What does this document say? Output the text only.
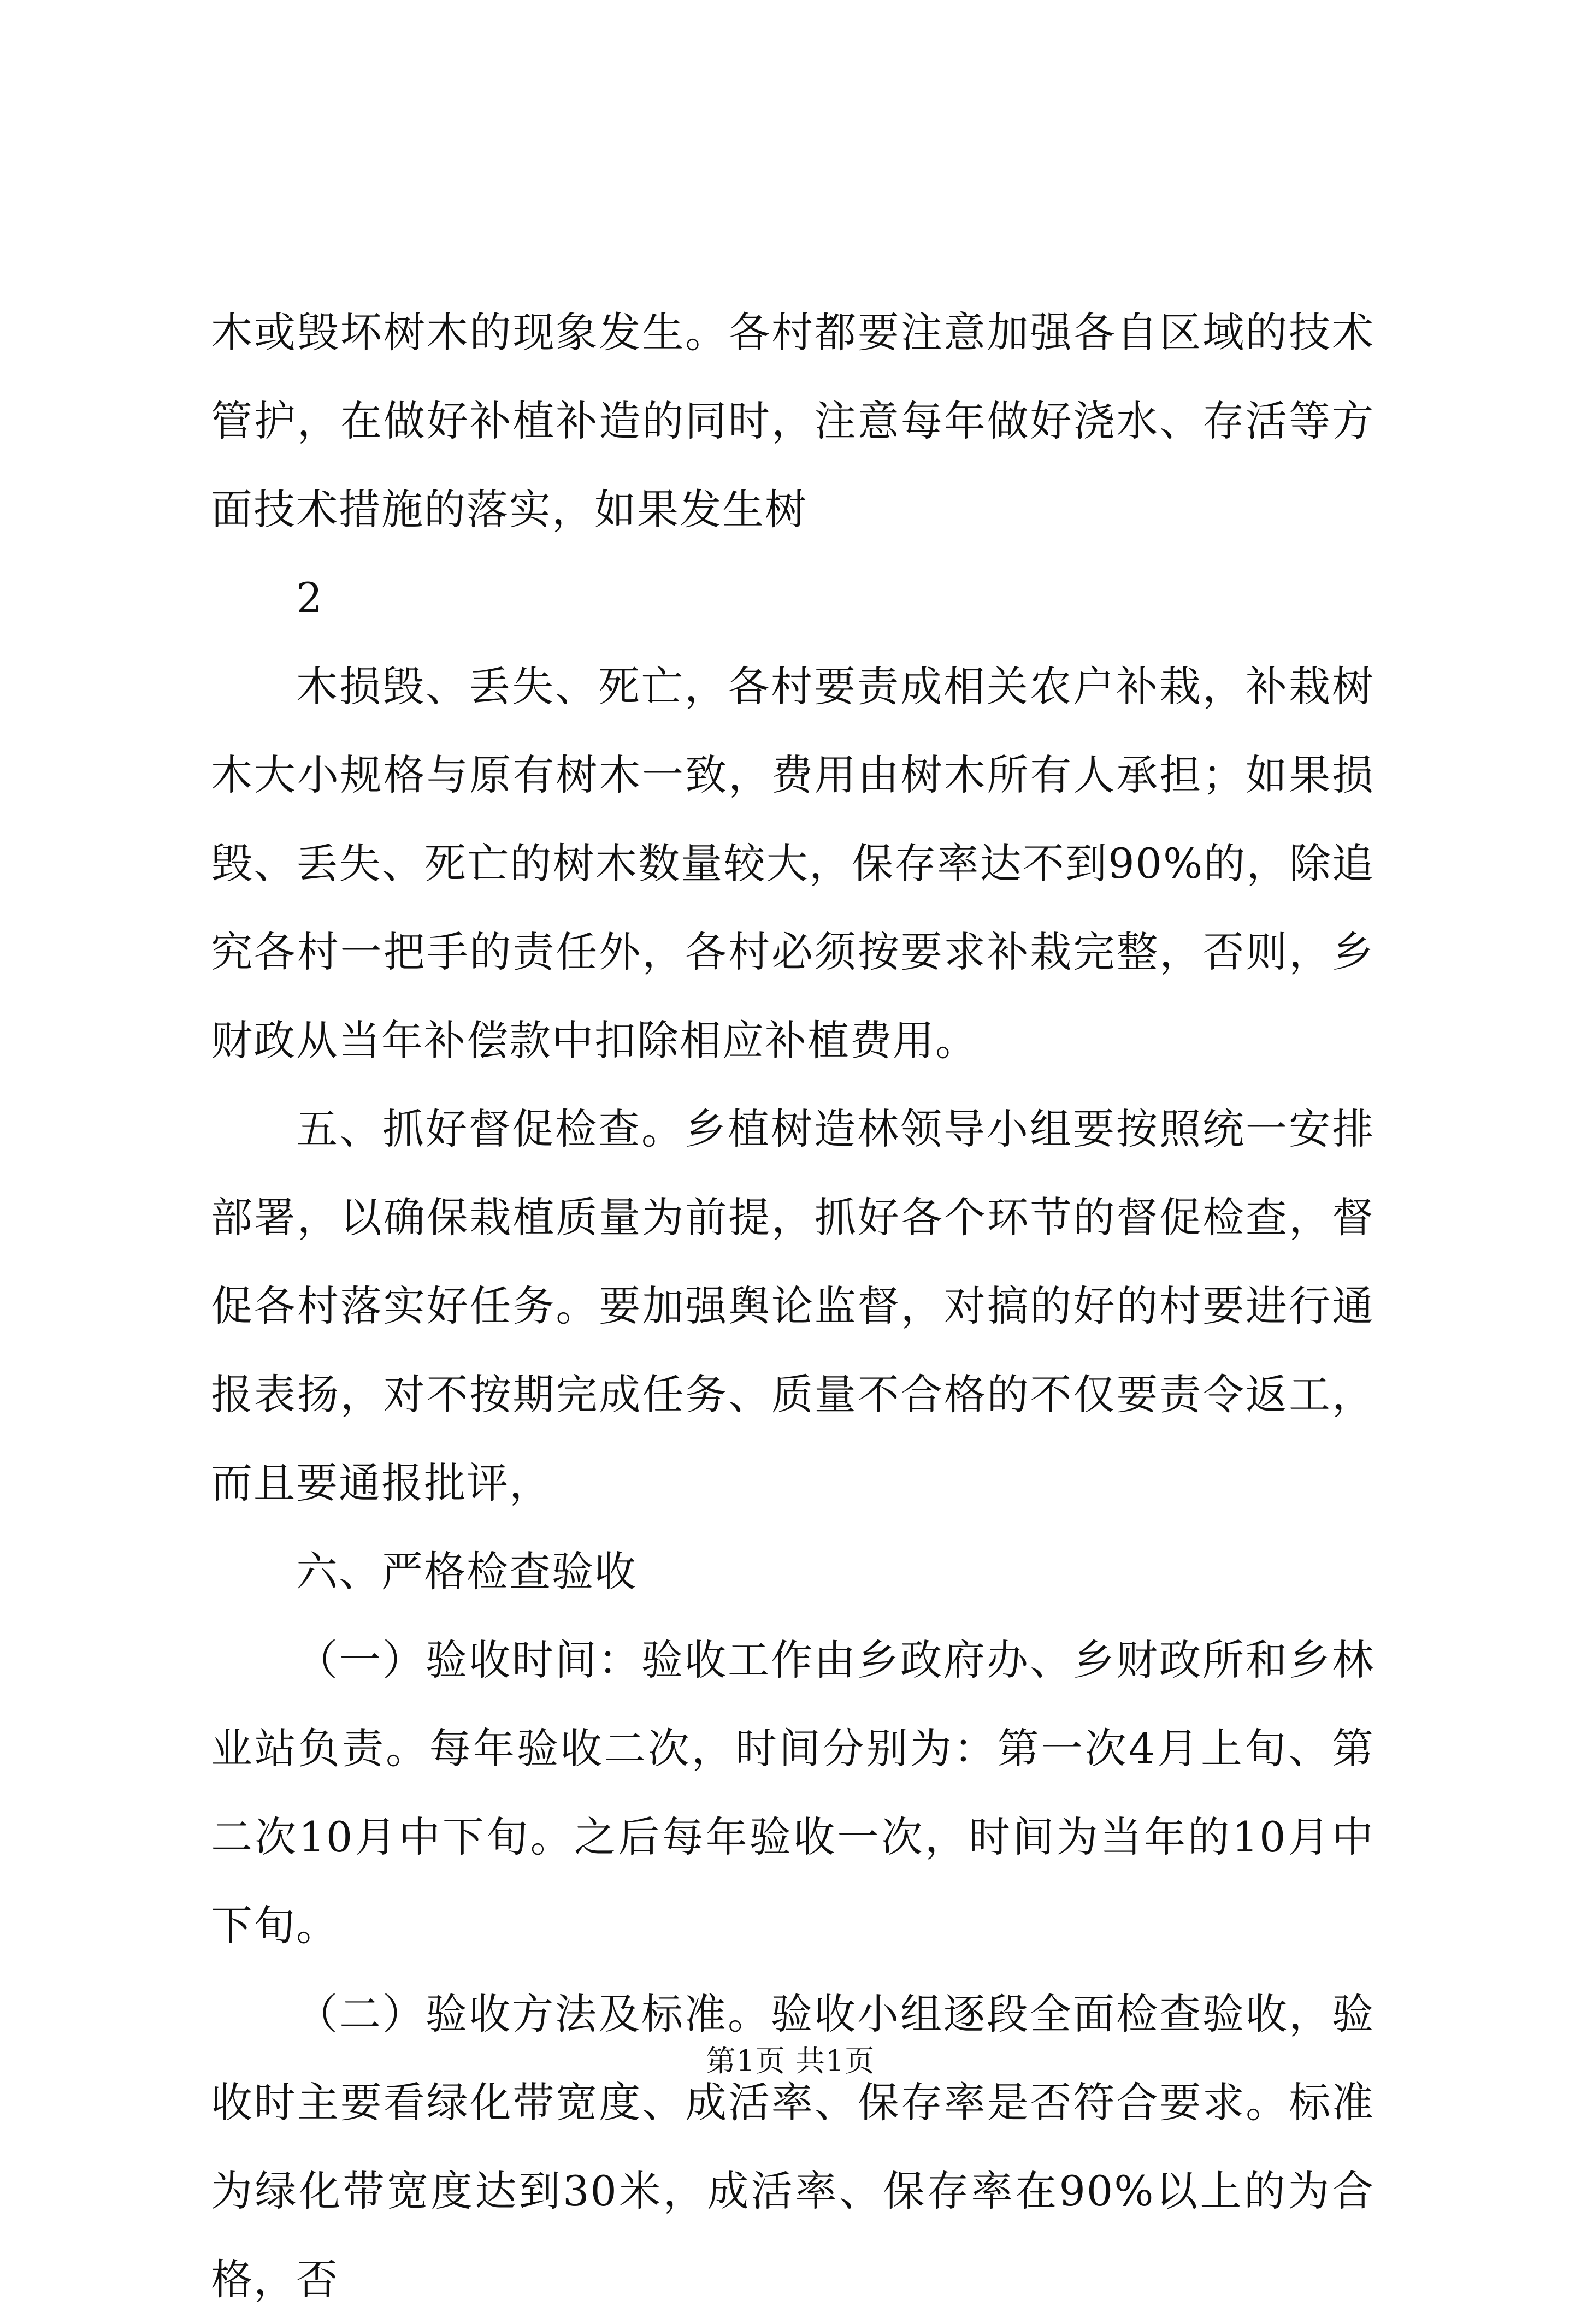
木或毁坏树木的现象发生。各村都要注意加强各自区域的技术管护，在做好补植补造的同时，注意每年做好浇水、存活等方面技术措施的落实，如果发生树

2

木损毁、丢失、死亡，各村要责成相关农户补栽，补栽树木大小规格与原有树木一致，费用由树木所有人承担；如果损毁、丢失、死亡的树木数量较大，保存率达不到90%的，除追究各村一把手的责任外，各村必须按要求补栽完整，否则，乡财政从当年补偿款中扣除相应补植费用。

五、抓好督促检查。乡植树造林领导小组要按照统一安排部署，以确保栽植质量为前提，抓好各个环节的督促检查，督促各村落实好任务。要加强舆论监督，对搞的好的村要进行通报表扬，对不按期完成任务、质量不合格的不仅要责令返工，而且要通报批评，

六、严格检查验收

（一）验收时间：验收工作由乡政府办、乡财政所和乡林业站负责。每年验收二次，时间分别为：第一次4月上旬、第二次10月中下旬。之后每年验收一次，时间为当年的10月中下旬。

（二）验收方法及标准。验收小组逐段全面检查验收，验收时主要看绿化带宽度、成活率、保存率是否符合要求。标准为绿化带宽度达到30米，成活率、保存率在90%以上的为合格，否

第1页 共1页
